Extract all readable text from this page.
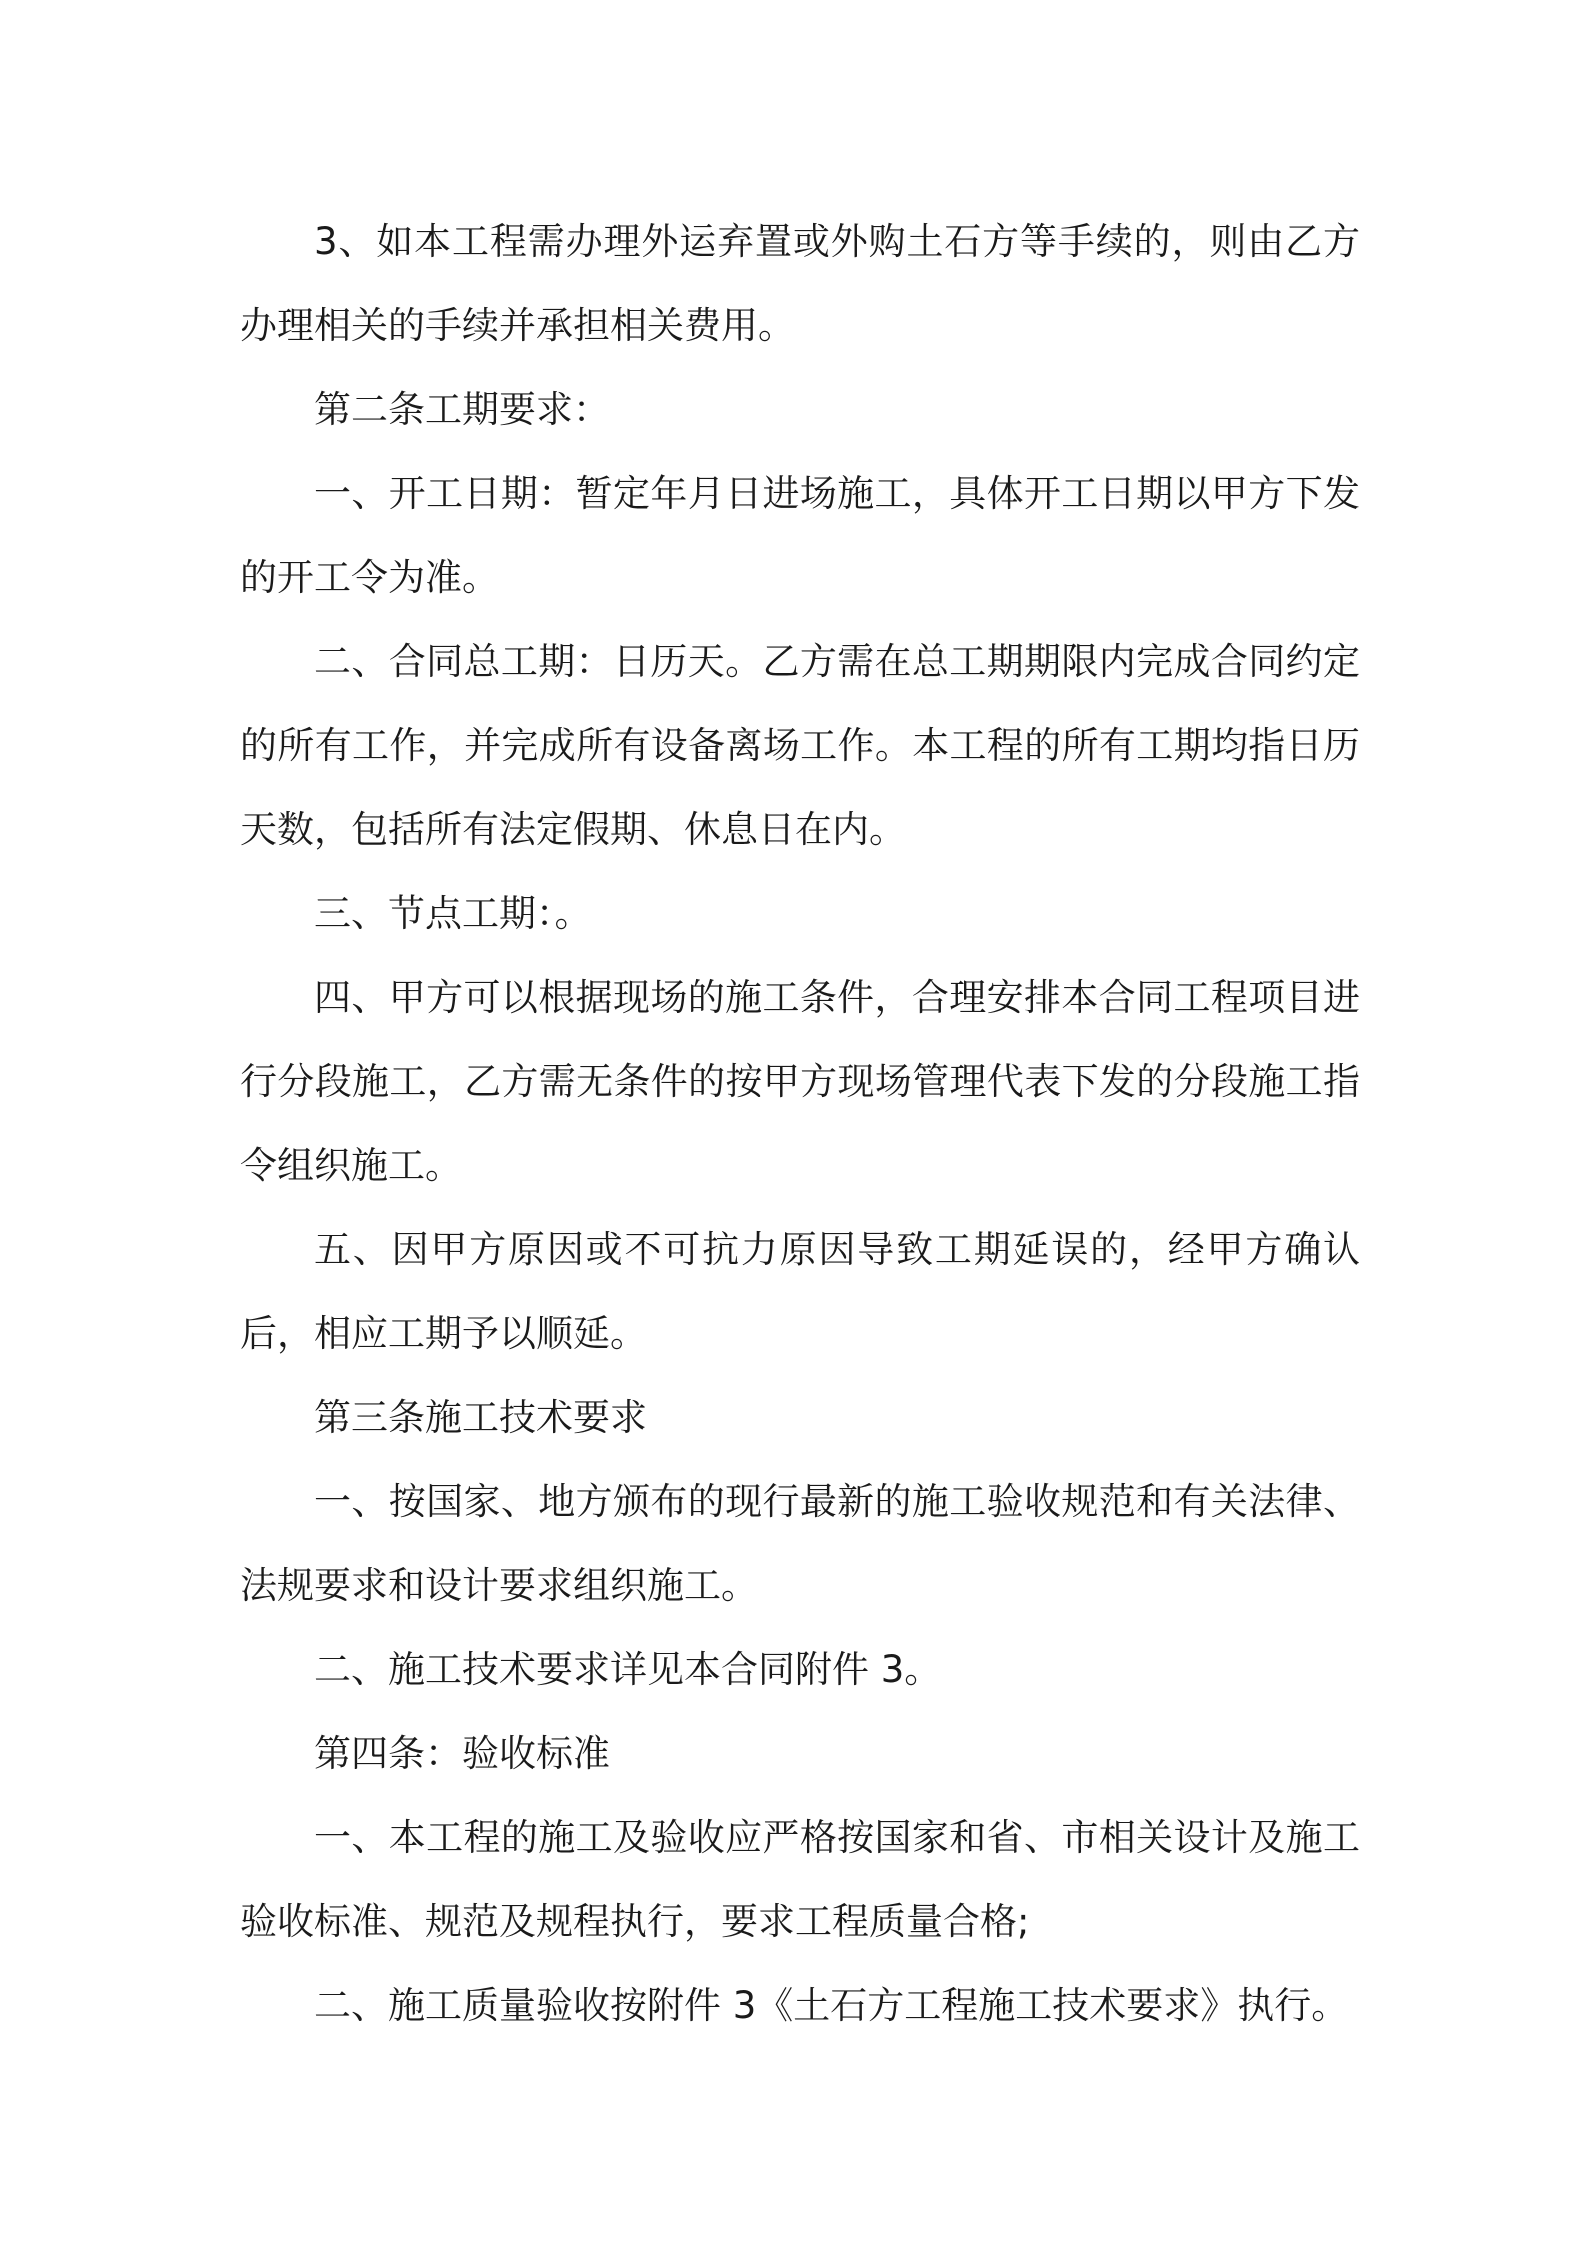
3、如本工程需办理外运弃置或外购土石方等手续的，则由乙方办理相关的手续并承担相关费用。

第二条工期要求：

一、开工日期：暂定年月日进场施工，具体开工日期以甲方下发的开工令为准。

二、合同总工期：日历天。乙方需在总工期期限内完成合同约定的所有工作，并完成所有设备离场工作。本工程的所有工期均指日历天数，包括所有法定假期、休息日在内。

三、节点工期：。

四、甲方可以根据现场的施工条件，合理安排本合同工程项目进行分段施工，乙方需无条件的按甲方现场管理代表下发的分段施工指令组织施工。

五、因甲方原因或不可抗力原因导致工期延误的，经甲方确认后，相应工期予以顺延。

第三条施工技术要求

一、按国家、地方颁布的现行最新的施工验收规范和有关法律、法规要求和设计要求组织施工。

二、施工技术要求详见本合同附件 3。

第四条：验收标准

一、本工程的施工及验收应严格按国家和省、市相关设计及施工验收标准、规范及规程执行，要求工程质量合格;

二、施工质量验收按附件 3《土石方工程施工技术要求》执行。
